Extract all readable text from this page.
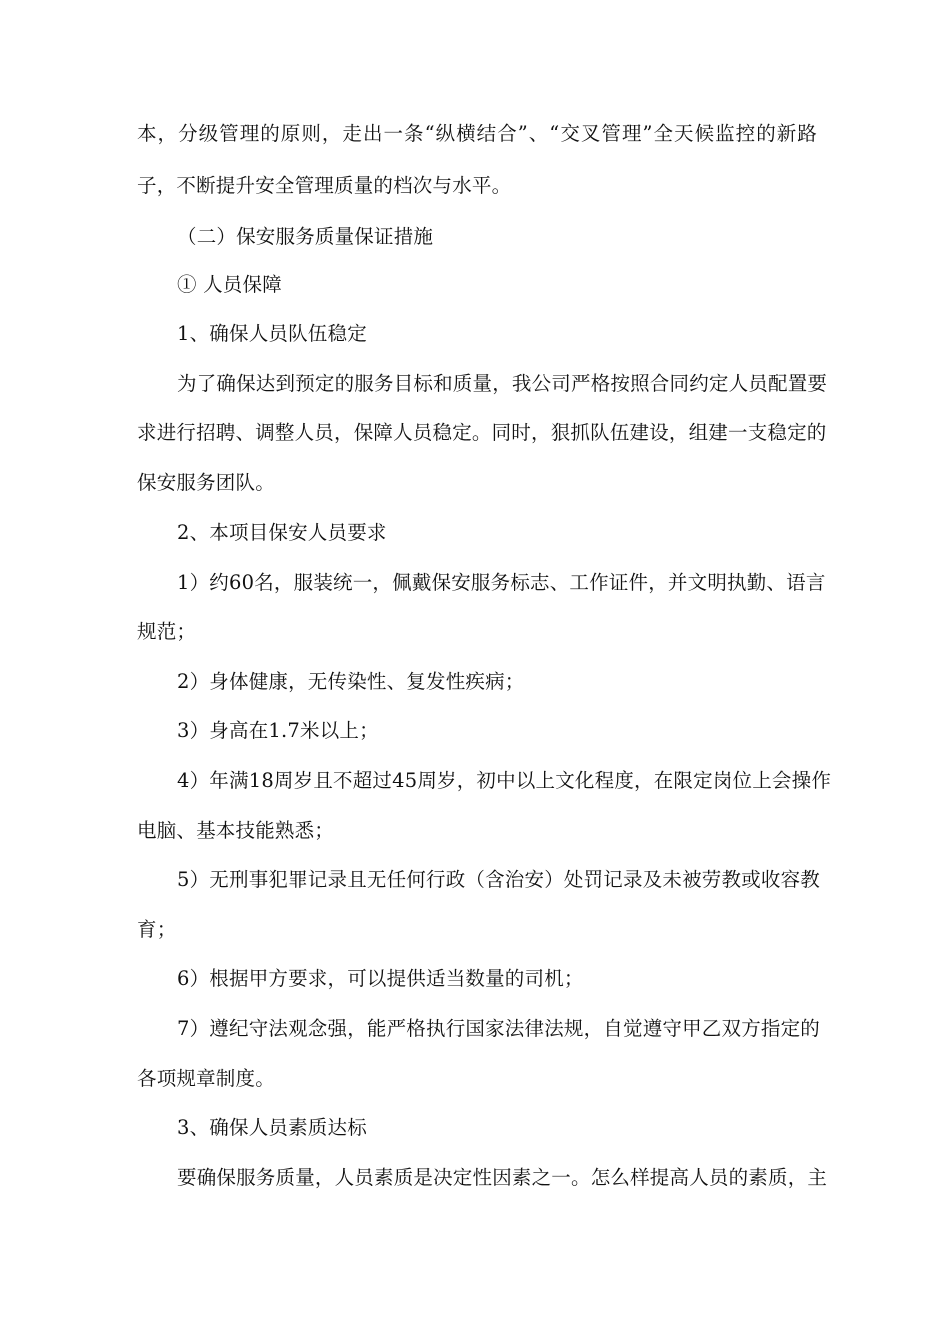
本，分级管理的原则，走出一条“纵横结合”、“交叉管理”全天候监控的新路
子，不断提升安全管理质量的档次与水平。
（二）保安服务质量保证措施
① 人员保障
1、确保人员队伍稳定
为了确保达到预定的服务目标和质量，我公司严格按照合同约定人员配置要
求进行招聘、调整人员，保障人员稳定。同时，狠抓队伍建设，组建一支稳定的
保安服务团队。
2、本项目保安人员要求
1）约60名，服装统一，佩戴保安服务标志、工作证件，并文明执勤、语言
规范；
2）身体健康，无传染性、复发性疾病；
3）身高在1.7米以上；
4）年满18周岁且不超过45周岁，初中以上文化程度，在限定岗位上会操作
电脑、基本技能熟悉；
5）无刑事犯罪记录且无任何行政（含治安）处罚记录及未被劳教或收容教
育；
6）根据甲方要求，可以提供适当数量的司机；
7）遵纪守法观念强，能严格执行国家法律法规，自觉遵守甲乙双方指定的
各项规章制度。
3、确保人员素质达标
要确保服务质量，人员素质是决定性因素之一。怎么样提高人员的素质，主
